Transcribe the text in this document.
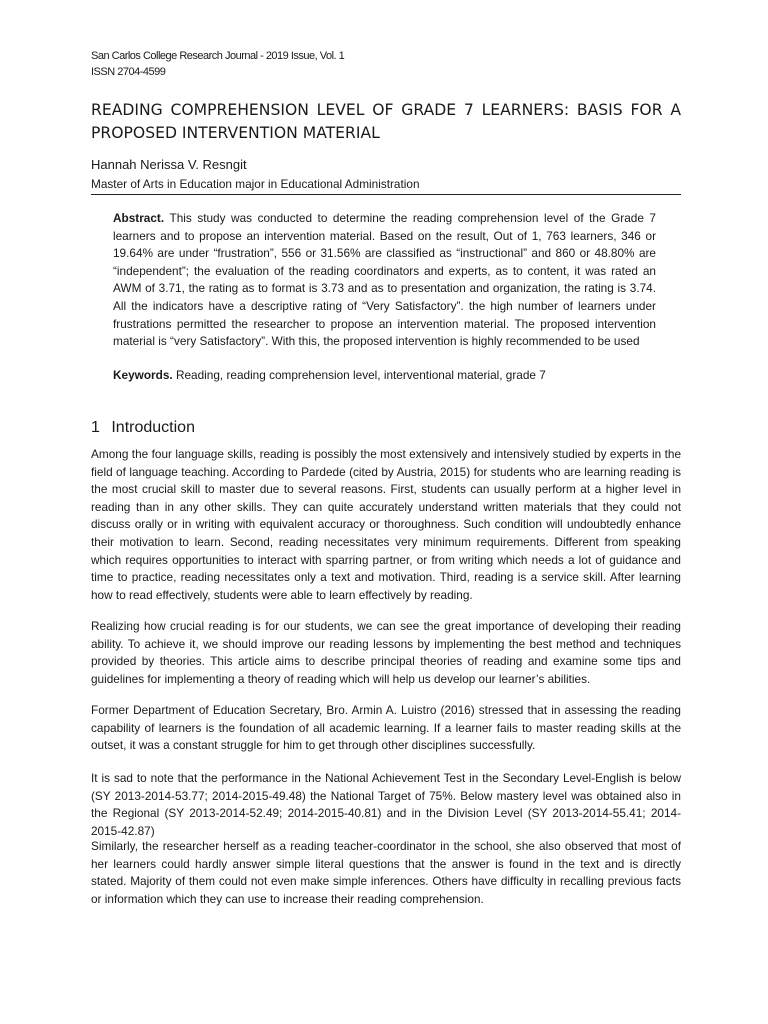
San Carlos College Research Journal - 2019 Issue, Vol. 1
ISSN 2704-4599
READING COMPREHENSION LEVEL OF GRADE 7 LEARNERS: BASIS FOR A PROPOSED INTERVENTION MATERIAL
Hannah Nerissa V. Resngit
Master of Arts in Education major in Educational Administration
Abstract. This study was conducted to determine the reading comprehension level of the Grade 7 learners and to propose an intervention material. Based on the result, Out of 1, 763 learners, 346 or 19.64% are under “frustration”, 556 or 31.56% are classified as “instructional” and 860 or 48.80% are “independent”; the evaluation of the reading coordinators and experts, as to content, it was rated an AWM of 3.71, the rating as to format is 3.73 and as to presentation and organization, the rating is 3.74. All the indicators have a descriptive rating of “Very Satisfactory”. the high number of learners under frustrations permitted the researcher to propose an intervention material. The proposed intervention material is “very Satisfactory”. With this, the proposed intervention is highly recommended to be used
Keywords. Reading, reading comprehension level, interventional material, grade 7
1 Introduction

Among the four language skills, reading is possibly the most extensively and intensively studied by experts in the field of language teaching. According to Pardede (cited by Austria, 2015) for students who are learning reading is the most crucial skill to master due to several reasons. First, students can usually perform at a higher level in reading than in any other skills. They can quite accurately understand written materials that they could not discuss orally or in writing with equivalent accuracy or thoroughness. Such condition will undoubtedly enhance their motivation to learn. Second, reading necessitates very minimum requirements. Different from speaking which requires opportunities to interact with sparring partner, or from writing which needs a lot of guidance and time to practice, reading necessitates only a text and motivation. Third, reading is a service skill. After learning how to read effectively, students were able to learn effectively by reading.

Realizing how crucial reading is for our students, we can see the great importance of developing their reading ability. To achieve it, we should improve our reading lessons by implementing the best method and techniques provided by theories. This article aims to describe principal theories of reading and examine some tips and guidelines for implementing a theory of reading which will help us develop our learner’s abilities.

Former Department of Education Secretary, Bro. Armin A. Luistro (2016) stressed that in assessing the reading capability of learners is the foundation of all academic learning. If a learner fails to master reading skills at the outset, it was a constant struggle for him to get through other disciplines successfully.

It is sad to note that the performance in the National Achievement Test in the Secondary Level-English is below (SY 2013-2014-53.77; 2014-2015-49.48) the National Target of 75%. Below mastery level was obtained also in the Regional (SY 2013-2014-52.49; 2014-2015-40.81) and in the Division Level (SY 2013-2014-55.41; 2014-2015-42.87)

Similarly, the researcher herself as a reading teacher-coordinator in the school, she also observed that most of her learners could hardly answer simple literal questions that the answer is found in the text and is directly stated. Majority of them could not even make simple inferences. Others have difficulty in recalling previous facts or information which they can use to increase their reading comprehension.
